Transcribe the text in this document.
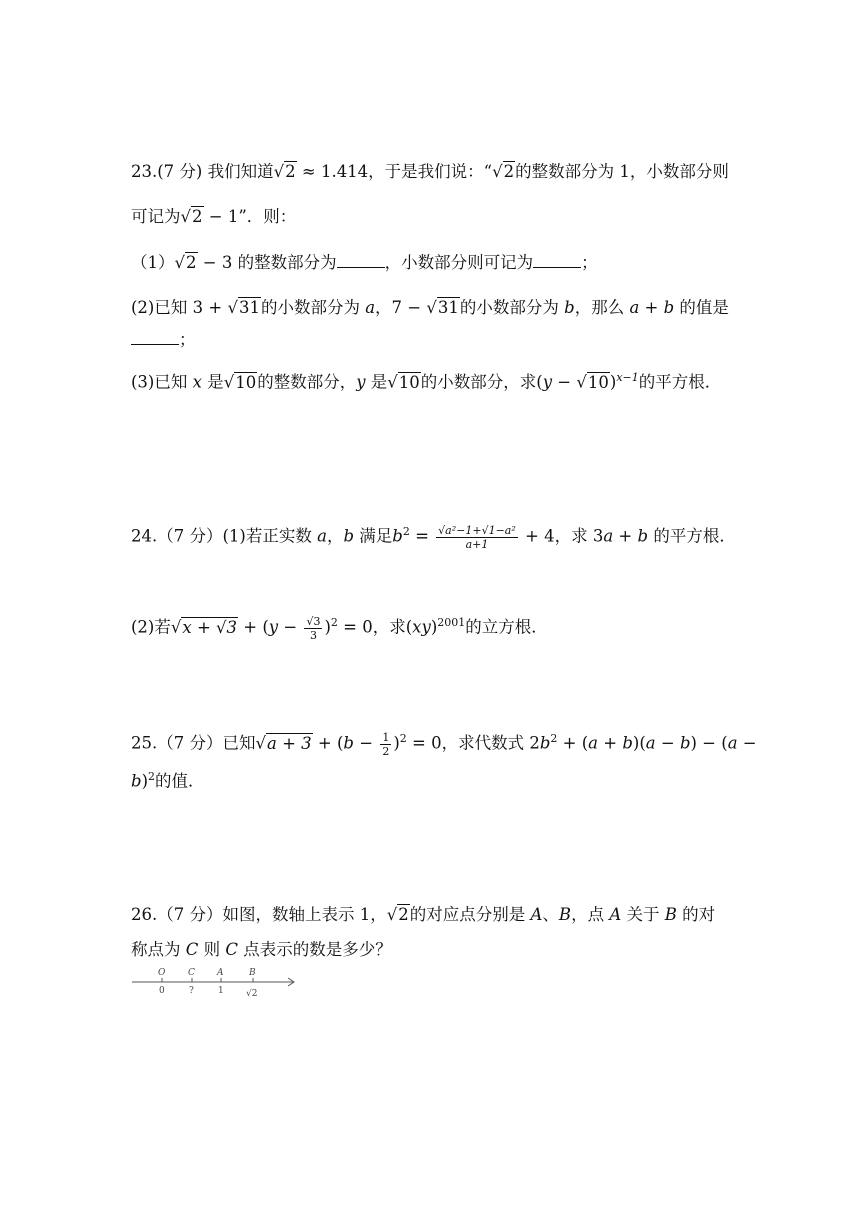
23.(7 分) 我们知道√2 ≈ 1.414，于是我们说：“√2的整数部分为 1，小数部分则
可记为√2 − 1”．则：
（1）√2 − 3 的整数部分为	，小数部分则可记为	；
(2)已知 3 + √31的小数部分为 a，7 − √31的小数部分为 b，那么 a + b 的值是
；
(3)已知 x 是√10的整数部分，y 是√10的小数部分，求$(y - √10)^{x-1}$的平方根．
24.（7 分）(1)若正实数 a，b 满足$b^2 = \frac{\text{√a²−1+√1−a²}}{a+1} + 4$，求 3a + b 的平方根．
(2)若$√x + √3 + (y - \frac{√3}{3} )^2 = 0$，求(xy)$^{2001}$的立方根．
25.（7 分）已知$√a + 3 + (b - \frac{1}{2} )^2 = 0$，求代数式 $2b^2 + (a + b)(a - b) - (a$ −
b)$^2$的值．
26.（7 分）如图，数轴上表示 1，√2的对应点分别是 A、B，点 A 关于 B 的对
称点为 C 则 C 点表示的数是多少？
O	C A	B
0	?	1 √2
